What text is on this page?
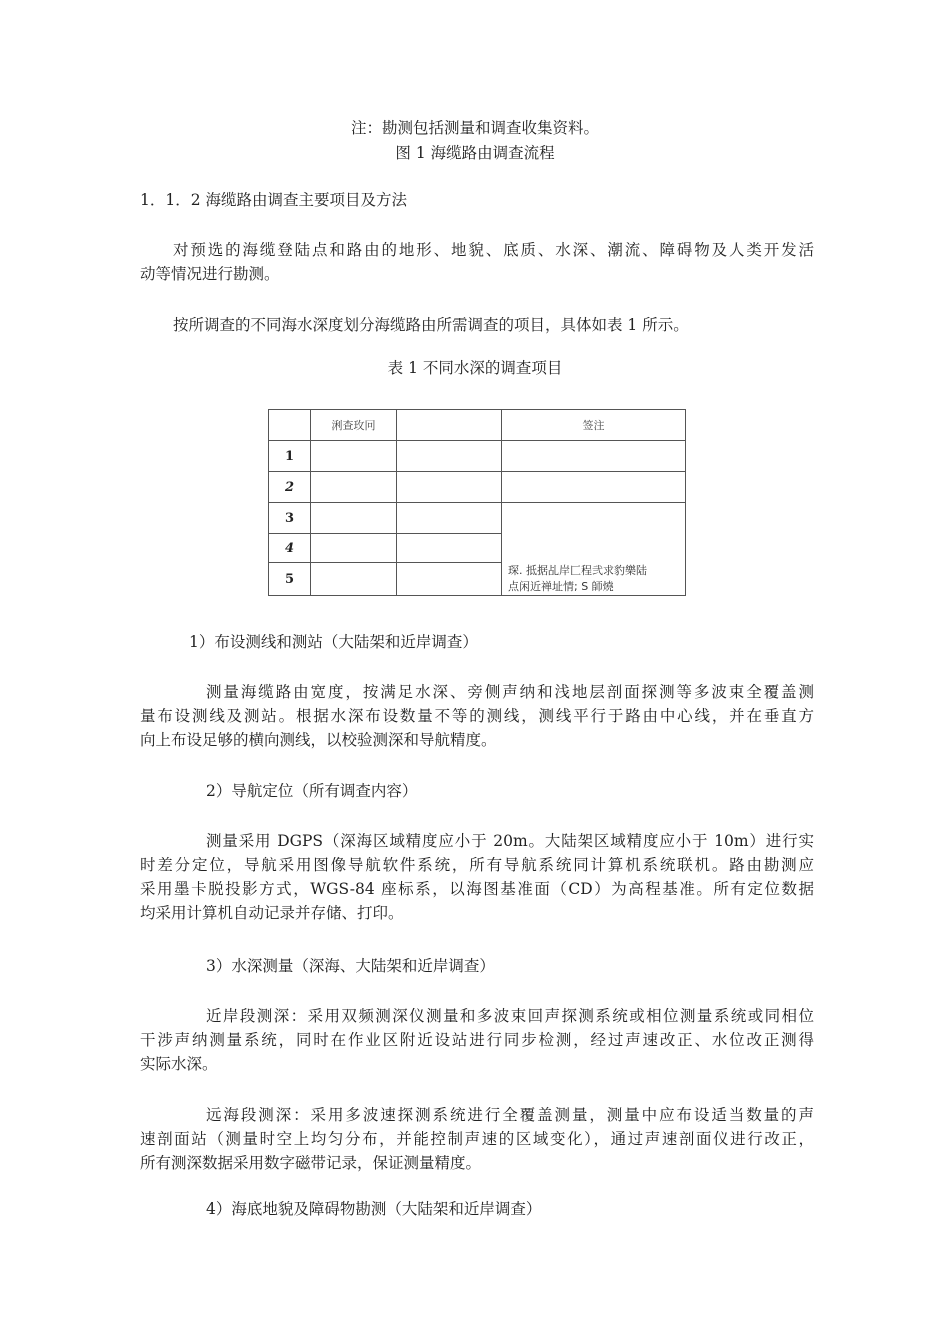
注：勘测包括测量和调查收集资料。
图 1 海缆路由调查流程
1．1．2 海缆路由调查主要项目及方法
对预选的海缆登陆点和路由的地形、地貌、底质、水深、潮流、障碍物及人类开发活
动等情况进行勘测。
按所调查的不同海水深度划分海缆路由所需调查的项目，具体如表 1 所示。
表 1 不同水深的调查项目
	浰查玫冋		签注
1			
2			
3			琛. 抵据乩岸匚程弐求豹樂陆
点闲近禅址情; S 師燒

4			
5			
1）布设测线和测站（大陆架和近岸调查）
测量海缆路由宽度，按满足水深、旁侧声纳和浅地层剖面探测等多波束全覆盖测
量布设测线及测站。根据水深布设数量不等的测线，测线平行于路由中心线，并在垂直方
向上布设足够的横向测线，以校验测深和导航精度。
2）导航定位（所有调查内容）
测量采用 DGPS（深海区域精度应小于 20m。大陆架区域精度应小于 10m）进行实
时差分定位，导航采用图像导航软件系统，所有导航系统同计算机系统联机。路由勘测应
采用墨卡脱投影方式，WGS-84 座标系，以海图基准面（CD）为高程基准。所有定位数据
均采用计算机自动记录并存储、打印。
3）水深测量（深海、大陆架和近岸调查）
近岸段测深：采用双频测深仪测量和多波束回声探测系统或相位测量系统或同相位
干涉声纳测量系统，同时在作业区附近设站进行同步检测，经过声速改正、水位改正测得
实际水深。
远海段测深：采用多波速探测系统进行全覆盖测量，测量中应布设适当数量的声
速剖面站（测量时空上均匀分布，并能控制声速的区域变化），通过声速剖面仪进行改正，
所有测深数据采用数字磁带记录，保证测量精度。
4）海底地貌及障碍物勘测（大陆架和近岸调查）
